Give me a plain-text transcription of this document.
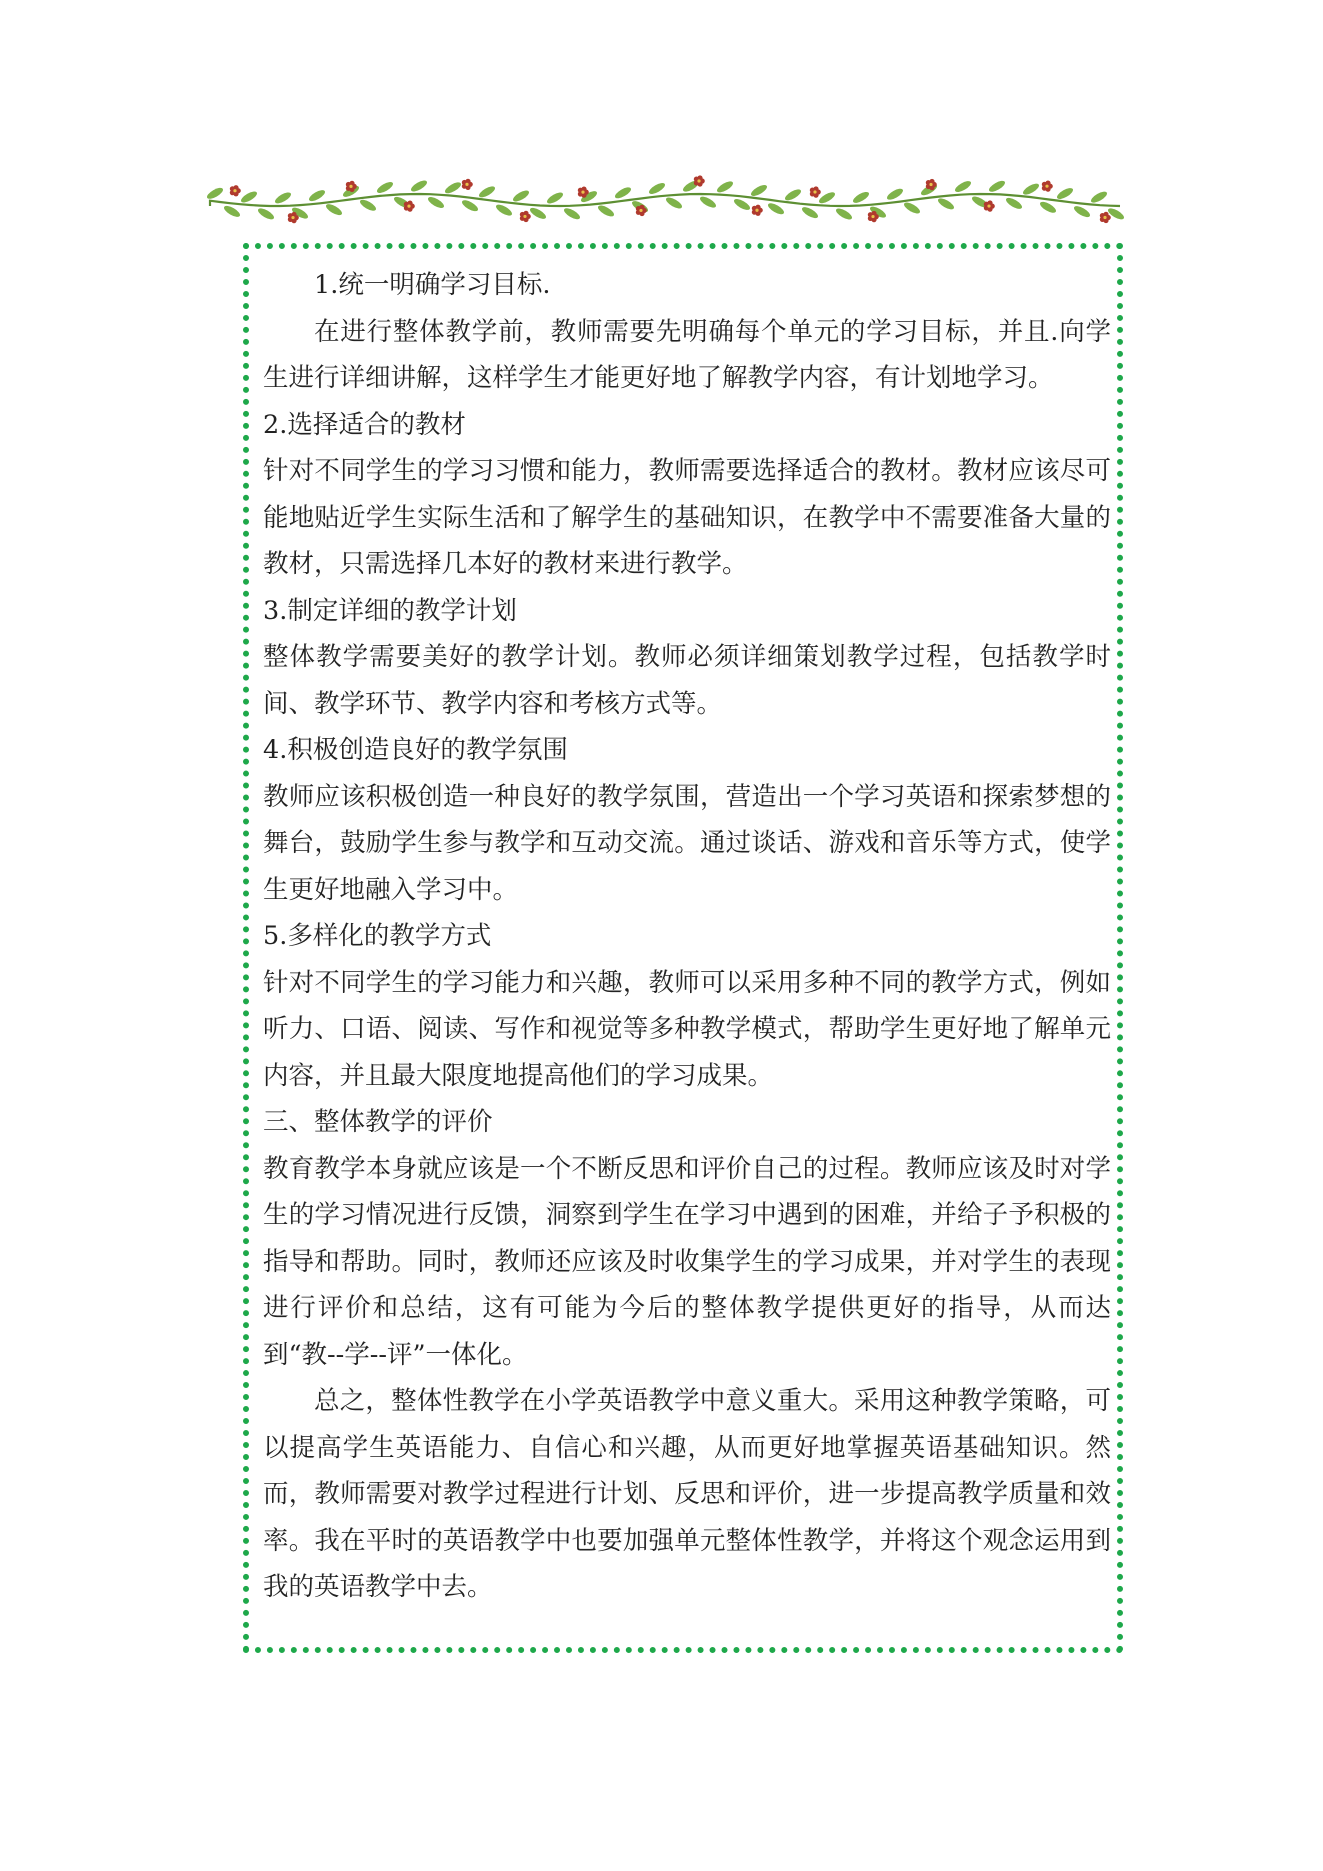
1.统一明确学习目标.

在进行整体教学前，教师需要先明确每个单元的学习目标，并且.向学生进行详细讲解，这样学生才能更好地了解教学内容，有计划地学习。

2.选择适合的教材

针对不同学生的学习习惯和能力，教师需要选择适合的教材。教材应该尽可能地贴近学生实际生活和了解学生的基础知识，在教学中不需要准备大量的教材，只需选择几本好的教材来进行教学。

3.制定详细的教学计划

整体教学需要美好的教学计划。教师必须详细策划教学过程，包括教学时间、教学环节、教学内容和考核方式等。

4.积极创造良好的教学氛围

教师应该积极创造一种良好的教学氛围，营造出一个学习英语和探索梦想的舞台，鼓励学生参与教学和互动交流。通过谈话、游戏和音乐等方式，使学生更好地融入学习中。

5.多样化的教学方式

针对不同学生的学习能力和兴趣，教师可以采用多种不同的教学方式，例如听力、口语、阅读、写作和视觉等多种教学模式，帮助学生更好地了解单元内容，并且最大限度地提高他们的学习成果。

三、整体教学的评价

教育教学本身就应该是一个不断反思和评价自己的过程。教师应该及时对学生的学习情况进行反馈，洞察到学生在学习中遇到的困难，并给子予积极的指导和帮助。同时，教师还应该及时收集学生的学习成果，并对学生的表现进行评价和总结，这有可能为今后的整体教学提供更好的指导，从而达到“教--学--评”一体化。

总之，整体性教学在小学英语教学中意义重大。采用这种教学策略，可以提高学生英语能力、自信心和兴趣，从而更好地掌握英语基础知识。然而，教师需要对教学过程进行计划、反思和评价，进一步提高教学质量和效率。我在平时的英语教学中也要加强单元整体性教学，并将这个观念运用到我的英语教学中去。
